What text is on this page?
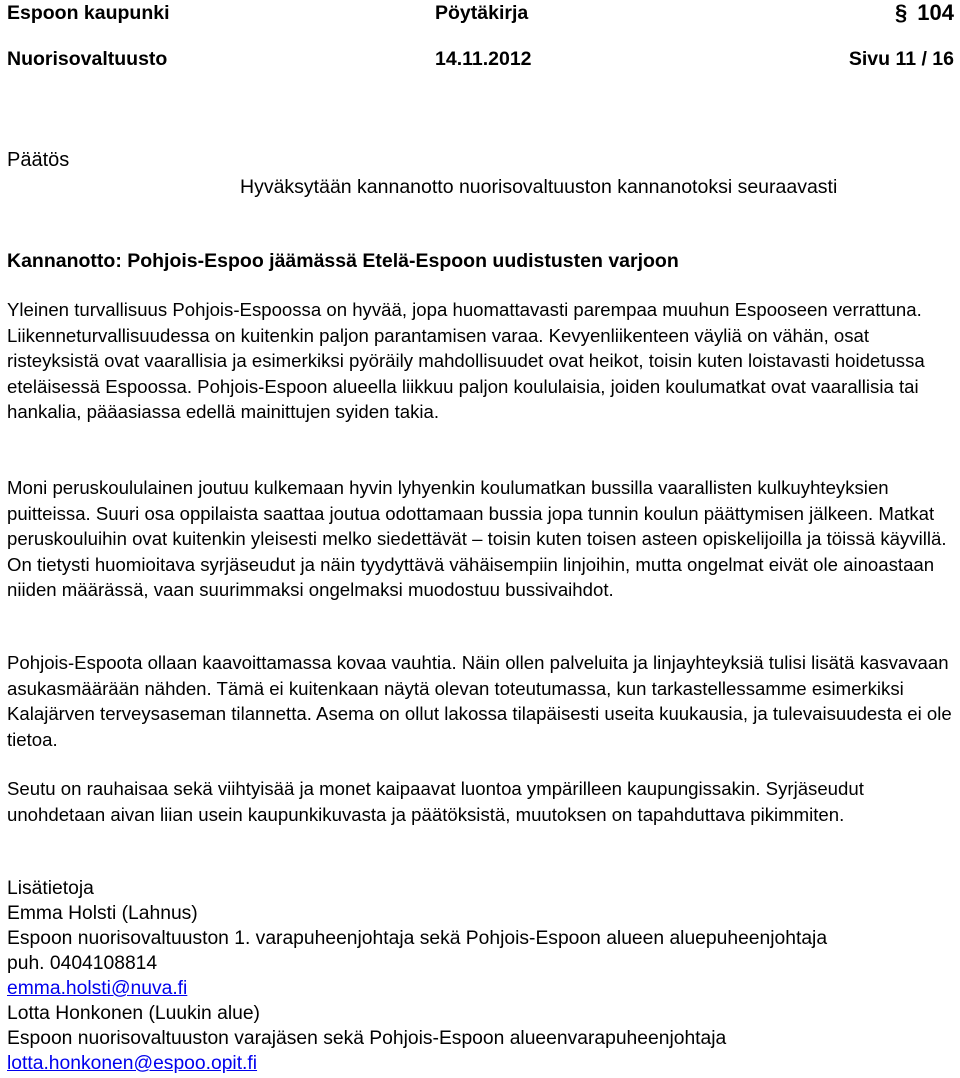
Espoon kaupunki	Pöytäkirja	§ 104
Nuorisovaltuusto	14.11.2012	Sivu 11 / 16
Päätös
Hyväksytään kannanotto nuorisovaltuuston kannanotoksi seuraavasti
Kannanotto: Pohjois-Espoo jäämässä Etelä-Espoon uudistusten varjoon
Yleinen turvallisuus Pohjois-Espoossa on hyvää, jopa huomattavasti parempaa muuhun Espooseen verrattuna. Liikenneturvallisuudessa on kuitenkin paljon parantamisen varaa. Kevyenliikenteen väyliä on vähän, osat risteyksistä ovat vaarallisia ja esimerkiksi pyöräily mahdollisuudet ovat heikot, toisin kuten loistavasti hoidetussa eteläisessä Espoossa. Pohjois-Espoon alueella liikkuu paljon koululaisia, joiden koulumatkat ovat vaarallisia tai hankalia, pääasiassa edellä mainittujen syiden takia.
Moni peruskoululainen joutuu kulkemaan hyvin lyhyenkin koulumatkan bussilla vaarallisten kulkuyhteyksien puitteissa. Suuri osa oppilaista saattaa joutua odottamaan bussia jopa tunnin koulun päättymisen jälkeen. Matkat peruskouluihin ovat kuitenkin yleisesti melko siedettävät – toisin kuten toisen asteen opiskelijoilla ja töissä käyvillä. On tietysti huomioitava syrjäseudut ja näin tyydyttävä vähäisempiin linjoihin, mutta ongelmat eivät ole ainoastaan niiden määrässä, vaan suurimmaksi ongelmaksi muodostuu bussivaihdot.
Pohjois-Espoota ollaan kaavoittamassa kovaa vauhtia. Näin ollen palveluita ja linjayhteyksiä tulisi lisätä kasvavaan asukasmäärään nähden. Tämä ei kuitenkaan näytä olevan toteutumassa, kun tarkastellessamme esimerkiksi Kalajärven terveysaseman tilannetta. Asema on ollut lakossa tilapäisesti useita kuukausia, ja tulevaisuudesta ei ole tietoa.
Seutu on rauhaisaa sekä viihtyisää ja monet kaipaavat luontoa ympärilleen kaupungissakin. Syrjäseudut unohdetaan aivan liian usein kaupunkikuvasta ja päätöksistä, muutoksen on tapahduttava pikimmiten.
Lisätietoja
Emma Holsti (Lahnus)
Espoon nuorisovaltuuston 1. varapuheenjohtaja sekä Pohjois-Espoon alueen aluepuheenjohtaja
puh. 0404108814
emma.holsti@nuva.fi
Lotta Honkonen (Luukin alue)
Espoon nuorisovaltuuston varajäsen sekä Pohjois-Espoon alueenvarapuheenjohtaja
lotta.honkonen@espoo.opit.fi
